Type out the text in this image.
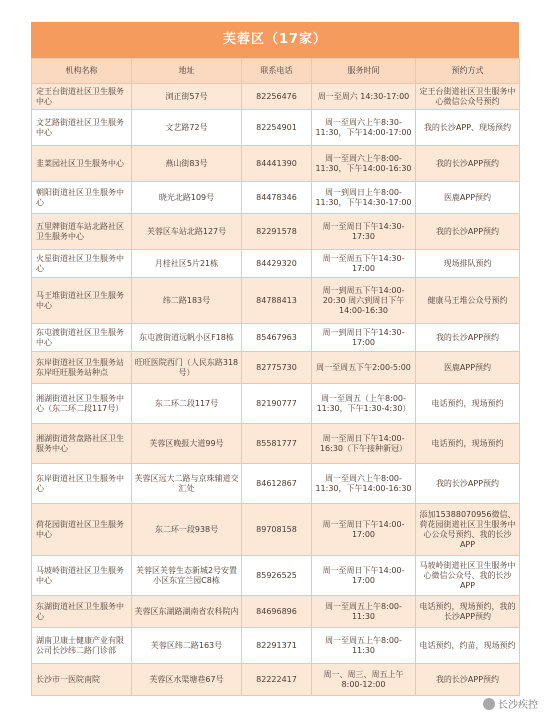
芙蓉区（17家）
机构名称	地址	联系电话	服务时间	预约方式
定王台街道社区卫生服务中心	浏正街57号	82256476	周一至周六 14:30-17:00	定王台街道社区卫生服务中心微信公众号预约
文艺路街道社区卫生服务中心	文艺路72号	82254901	周一至周六上午8:30-11:30，下午14:00-17:00	我的长沙APP、现场预约
韭菜园社区卫生服务中心	燕山街83号	84441390	周一至周六上午8:00-11:30，下午14:00-16:30	我的长沙APP预约
朝阳街道社区卫生服务中心	晓光北路109号	84478346	周一到周日上午8:00-11:30，下午14:30-17:00	医鹿APP预约
五里牌街道车站北路社区卫生服务中心	芙蓉区车站北路127号	82291578	周一至周日下午14:30-17:30	我的长沙APP预约
火星街道社区卫生服务中心	月桂社区5片21栋	84429320	周一至周五下午14:30-17:00	现场排队预约
马王堆街道社区卫生服务中心	纬二路183号	84788413	周一到周五下午14:00-20:30 周六到周日下午14:00-16:30	健康马王堆公众号预约
东屯渡街道社区卫生服务中心	东屯渡街道远帆小区F18栋	85467963	周一到周日下午14:30-17:00	我的长沙APP预约
东岸街道社区卫生服务站东岸旺旺服务站种点	旺旺医院西门（人民东路318号）	82775730	周一至周五下午2:00-5:00	医鹿APP预约
湘湖街道社区卫生服务中心（东二环二段117号）	东二环二段117号	82190777	周一至周五（上午8:00-11:30，下午1:30-4:30）	电话预约，现场预约
湘湖街道营盘路社区卫生服务中心	芙蓉区晚报大道99号	85581777	周一至周日下午14:00-16:30（下午接种新冠）	电话预约，现场预约
东岸街道社区卫生服务中心	芙蓉区远大二路与京珠辅道交汇处	84612867	周一至周六上午8:00-11:30，下午14:00-16:30	我的长沙APP预约
荷花园街道社区卫生服务中心	东二环一段938号	89708158	周一至周日下午14:00-17:00	添加15388070956微信、荷花园街道社区卫生服务中心公众号预约、我的长沙APP
马坡岭街道社区卫生服务中心	芙蓉区芙蓉生态新城2号安置小区东宜兰园C8栋	85926525	周一至周日下午14:00-17:00	马坡岭街道社区卫生服务中心微信公众号、我的长沙APP
东湖街道社区卫生服务中心	芙蓉区东湖路湖南省农科院内	84696896	周一至周五上午8:00-11:30	电话预约，现场预约，我的长沙APP预约
湖南卫康士健康产业有限公司长沙纬二路门诊部	芙蓉区纬二路163号	82291371	周一至周五上午8:00-11:30	电话预约，约苗，现场预约
长沙市一医院南院	芙蓉区水渠塘巷67号	82222417	周一、周三、周五上午8:00-12:00	我的长沙APP预约
长沙疾控
